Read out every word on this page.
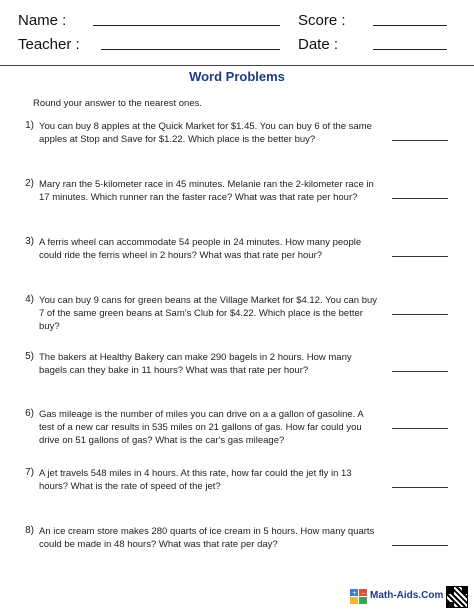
Name :	Score :
Teacher :	Date :
Word Problems
Round your answer to the nearest ones.
1) You can buy 8 apples at the Quick Market for $1.45. You can buy 6 of the same apples at Stop and Save for $1.22. Which place is the better buy?
2) Mary ran the 5-kilometer race in 45 minutes. Melanie ran the 2-kilometer race in 17 minutes. Which runner ran the faster race? What was that rate per hour?
3) A ferris wheel can accommodate 54 people in 24 minutes. How many people could ride the ferris wheel in 2 hours? What was that rate per hour?
4) You can buy 9 cans for green beans at the Village Market for $4.12. You can buy 7 of the same green beans at Sam's Club for $4.22. Which place is the better buy?
5) The bakers at Healthy Bakery can make 290 bagels in 2 hours. How many bagels can they bake in 11 hours? What was that rate per hour?
6) Gas mileage is the number of miles you can drive on a a gallon of gasoline. A test of a new car results in 535 miles on 21 gallons of gas. How far could you drive on 51 gallons of gas? What is the car's gas mileage?
7) A jet travels 548 miles in 4 hours. At this rate, how far could the jet fly in 13 hours? What is the rate of speed of the jet?
8) An ice cream store makes 280 quarts of ice cream in 5 hours. How many quarts could be made in 48 hours? What was that rate per day?
+ − Math-Aids.Com
